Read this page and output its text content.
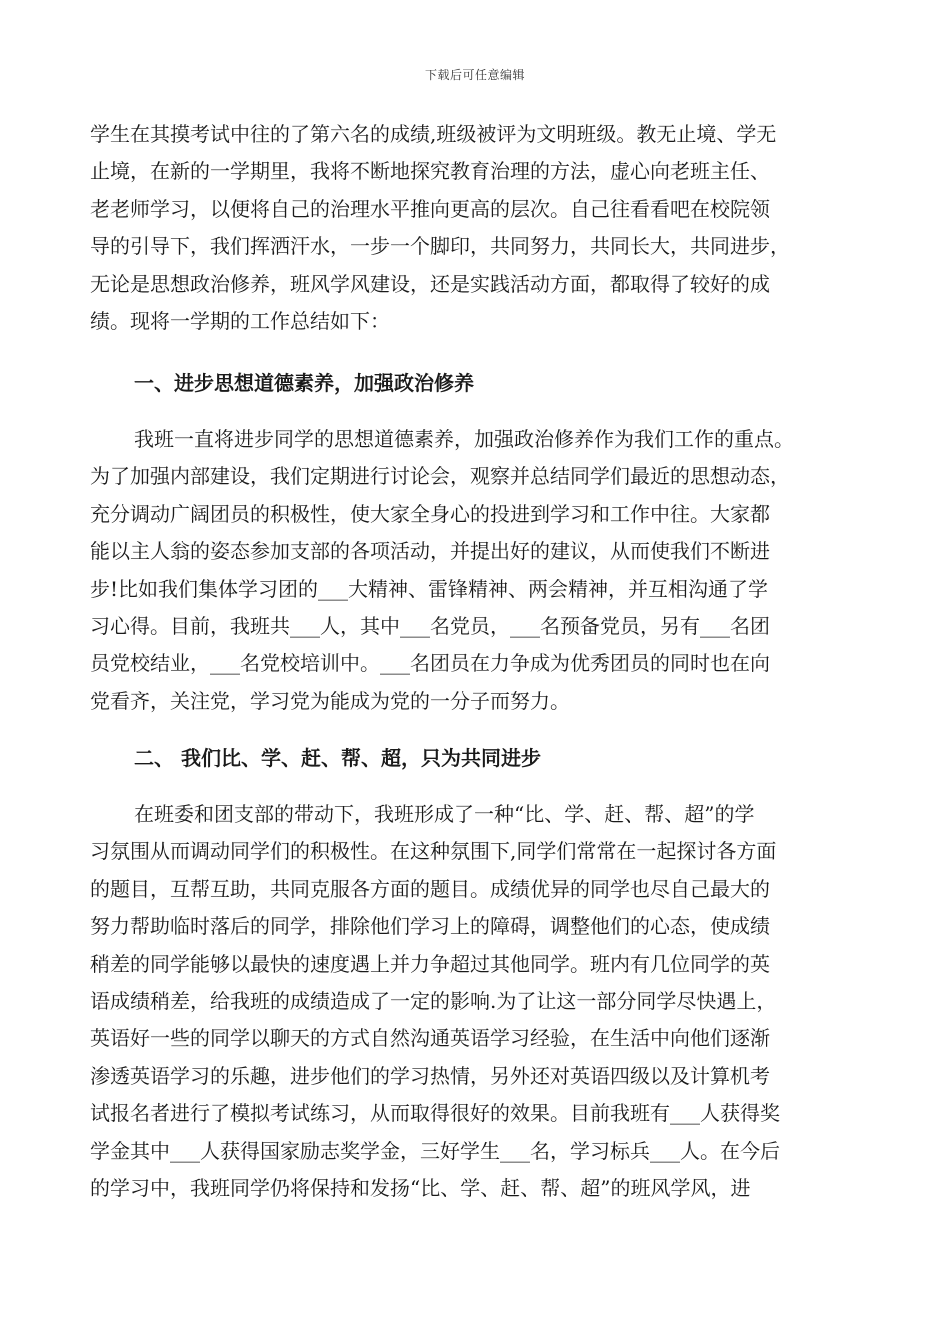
下载后可任意编辑
学生在其摸考试中往的了第六名的成绩,班级被评为文明班级。教无止境、学无
止境，在新的一学期里，我将不断地探究教育治理的方法，虚心向老班主任、
老老师学习，以便将自己的治理水平推向更高的层次。自己往看看吧在校院领
导的引导下，我们挥洒汗水，一步一个脚印，共同努力，共同长大，共同进步，
无论是思想政治修养，班风学风建设，还是实践活动方面，都取得了较好的成
绩。现将一学期的工作总结如下：
一、进步思想道德素养，加强政治修养
我班一直将进步同学的思想道德素养，加强政治修养作为我们工作的重点。
为了加强内部建设，我们定期进行讨论会，观察并总结同学们最近的思想动态，
充分调动广阔团员的积极性，使大家全身心的投进到学习和工作中往。大家都
能以主人翁的姿态参加支部的各项活动，并提出好的建议，从而使我们不断进
步!比如我们集体学习团的___大精神、雷锋精神、两会精神，并互相沟通了学
习心得。目前，我班共___人，其中___名党员，___名预备党员，另有___名团
员党校结业，___名党校培训中。___名团员在力争成为优秀团员的同时也在向
党看齐，关注党，学习党为能成为党的一分子而努力。
二、 我们比、学、赶、帮、超，只为共同进步
在班委和团支部的带动下，我班形成了一种“比、学、赶、帮、超”的学
习氛围从而调动同学们的积极性。在这种氛围下,同学们常常在一起探讨各方面
的题目，互帮互助，共同克服各方面的题目。成绩优异的同学也尽自己最大的
努力帮助临时落后的同学，排除他们学习上的障碍，调整他们的心态，使成绩
稍差的同学能够以最快的速度遇上并力争超过其他同学。班内有几位同学的英
语成绩稍差，给我班的成绩造成了一定的影响.为了让这一部分同学尽快遇上，
英语好一些的同学以聊天的方式自然沟通英语学习经验，在生活中向他们逐渐
渗透英语学习的乐趣，进步他们的学习热情，另外还对英语四级以及计算机考
试报名者进行了模拟考试练习，从而取得很好的效果。目前我班有___人获得奖
学金其中___人获得国家励志奖学金，三好学生___名，学习标兵___人。在今后
的学习中，我班同学仍将保持和发扬“比、学、赶、帮、超”的班风学风，进
